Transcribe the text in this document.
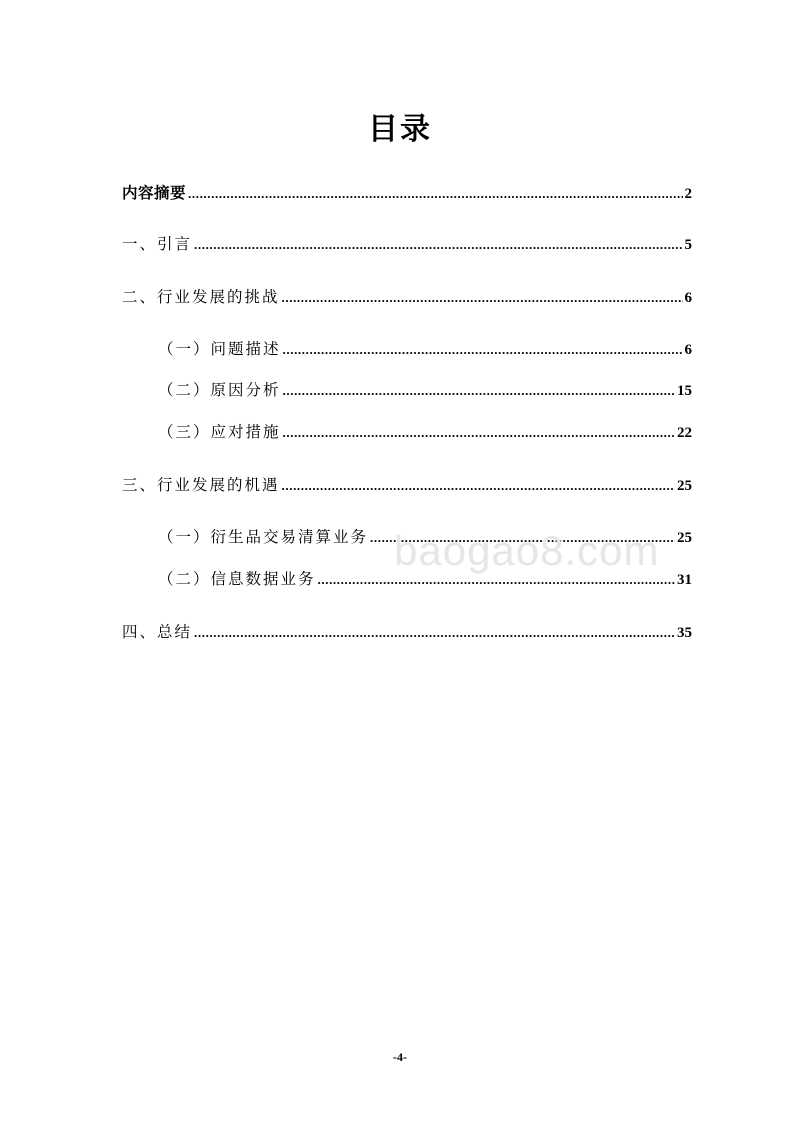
目录
内容摘要 .....	2
一、引言 .....	5
二、行业发展的挑战 .....	6
（一）问题描述 .....	6
（二）原因分析 .....	15
（三）应对措施 .....	22
三、行业发展的机遇 .....	25
（一）衍生品交易清算业务 .....	25
（二）信息数据业务 .....	31
四、总结 .....	35
baogao8.com
-4-
